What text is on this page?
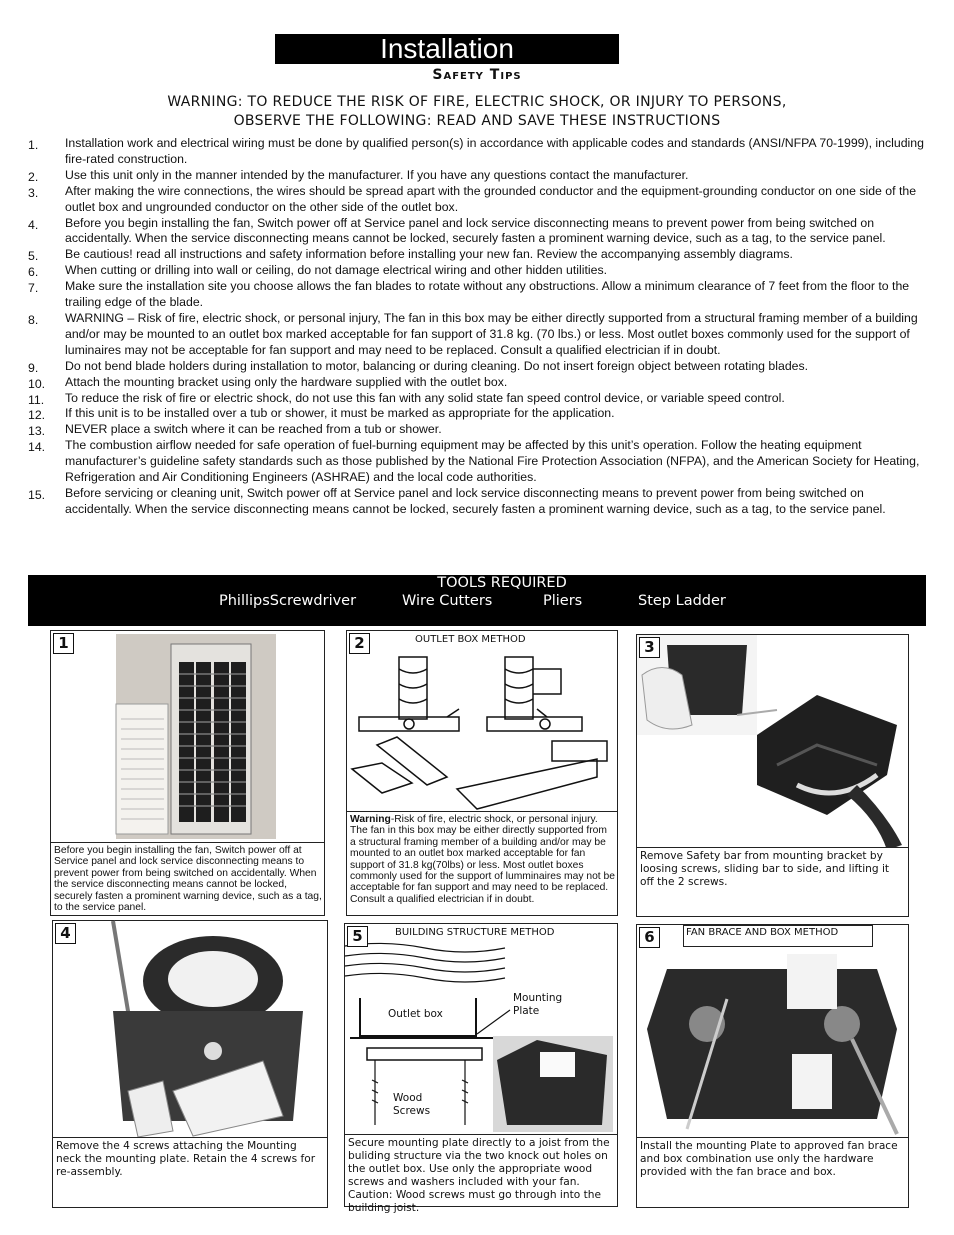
Installation
Safety Tips
WARNING: TO REDUCE THE RISK OF FIRE, ELECTRIC SHOCK, OR INJURY TO PERSONS,
OBSERVE THE FOLLOWING: READ AND SAVE THESE INSTRUCTIONS
1.	Installation work and electrical wiring must be done by qualified person(s) in accordance with applicable codes and standards (ANSI/NFPA 70-1999), including fire-rated construction.
2.	Use this unit only in the manner intended by the manufacturer. If you have any questions contact the manufacturer.
3.	After making the wire connections, the wires should be spread apart with the grounded conductor and the equipment-grounding conductor on one side of the outlet box and ungrounded conductor on the other side of the outlet box.
4.	Before you begin installing the fan, Switch power off at Service panel and lock service disconnecting means to prevent power from being switched on accidentally. When the service disconnecting means cannot be locked, securely fasten a prominent warning device, such as a tag, to the service panel.
5.	Be cautious! read all instructions and safety information before installing your new fan. Review the accompanying assembly diagrams.
6.	When cutting or drilling into wall or ceiling, do not damage electrical wiring and other hidden utilities.
7.	Make sure the installation site you choose allows the fan blades to rotate without any obstructions. Allow a minimum clearance of 7 feet from the floor to the trailing edge of the blade.
8.	WARNING – Risk of fire, electric shock, or personal injury, The fan in this box may be either directly supported from a structural framing member of a building and/or may be mounted to an outlet box marked acceptable for fan support of 31.8 kg. (70 lbs.) or less. Most outlet boxes commonly used for the support of luminaires may not be acceptable for fan support and may need to be replaced. Consult a qualified electrician if in doubt.
9.	Do not bend blade holders during installation to motor, balancing or during cleaning. Do not insert foreign object between rotating blades.
10.	Attach the mounting bracket using only the hardware supplied with the outlet box.
11.	To reduce the risk of fire or electric shock, do not use this fan with any solid state fan speed control device, or variable speed control.
12.	If this unit is to be installed over a tub or shower, it must be marked as appropriate for the application.
13.	NEVER place a switch where it can be reached from a tub or shower.
14.	The combustion airflow needed for safe operation of fuel-burning equipment may be affected by this unit’s operation. Follow the heating equipment manufacturer’s guideline safety standards such as those published by the National Fire Protection Association (NFPA), and the American Society for Heating, Refrigeration and Air Conditioning Engineers (ASHRAE) and the local code authorities.
15.	Before servicing or cleaning unit, Switch power off at Service panel and lock service disconnecting means to prevent power from being switched on accidentally. When the service disconnecting means cannot be locked, securely fasten a prominent warning device, such as a tag, to the service panel.
TOOLS REQUIRED
PhillipsScrewdriver	Wire Cutters	Pliers	Step Ladder
1
Before you begin installing the fan, Switch power off at Service panel and lock service disconnecting means to prevent power from being switched on accidentally. When the service disconnecting means cannot be locked, securely fasten a prominent warning device, such as a tag, to the service panel.
2	OUTLET BOX METHOD
Warning-Risk of fire, electric shock, or personal injury. The fan in this box may be either directly supported from a structural framing member of a building and/or may be mounted to an outlet box marked acceptable for fan support of 31.8 kg(70lbs) or less. Most outlet boxes commonly used for the support of lumminaires may not be acceptable for fan support and may need to be replaced. Consult a qualified electrician if in doubt.
3
Remove Safety bar from mounting bracket by loosing screws, sliding bar to side, and lifting it off the 2 screws.
4
Remove the 4 screws attaching the Mounting neck the mounting plate. Retain the 4 screws for re-assembly.
5	BUILDING STRUCTURE METHOD
Outlet box
Mounting Plate
Wood Screws
Secure mounting plate directly to a joist from the buliding structure via the two knock out holes on the outlet box. Use only the appropriate wood screws and washers included with your fan. Caution: Wood screws must go through into the building joist.
6	FAN BRACE AND BOX METHOD
Install the mounting Plate to approved fan brace and box combination use only the hardware provided with the fan brace and box.
